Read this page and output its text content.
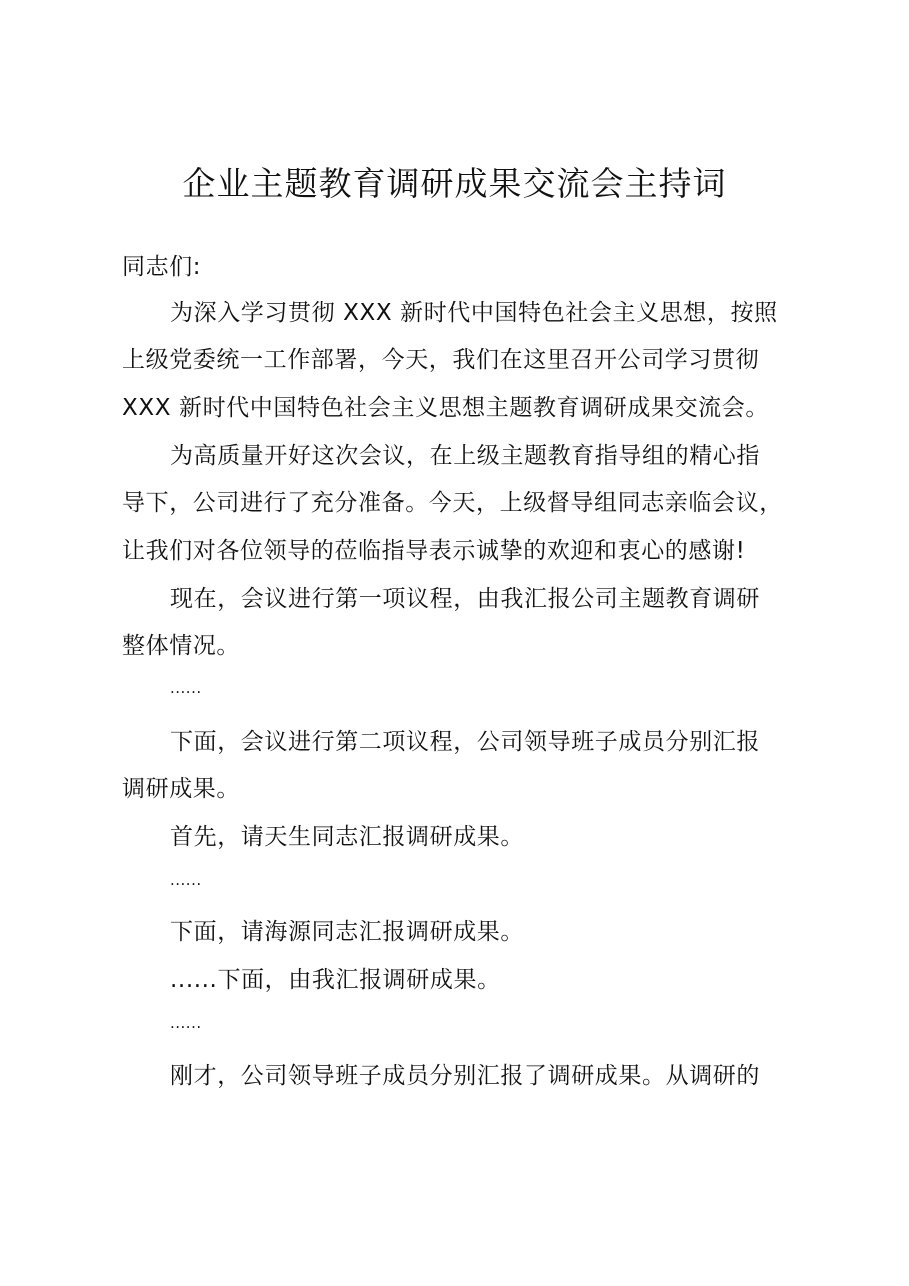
企业主题教育调研成果交流会主持词
同志们:
为深入学习贯彻 XXX 新时代中国特色社会主义思想，按照
上级党委统一工作部署，今天，我们在这里召开公司学习贯彻
XXX 新时代中国特色社会主义思想主题教育调研成果交流会。
为高质量开好这次会议，在上级主题教育指导组的精心指
导下，公司进行了充分准备。今天，上级督导组同志亲临会议，
让我们对各位领导的莅临指导表示诚挚的欢迎和衷心的感谢!
现在，会议进行第一项议程，由我汇报公司主题教育调研
整体情况。
......
下面，会议进行第二项议程，公司领导班子成员分别汇报
调研成果。
首先，请天生同志汇报调研成果。
......
下面，请海源同志汇报调研成果。
......下面，由我汇报调研成果。
......
刚才，公司领导班子成员分别汇报了调研成果。从调研的
